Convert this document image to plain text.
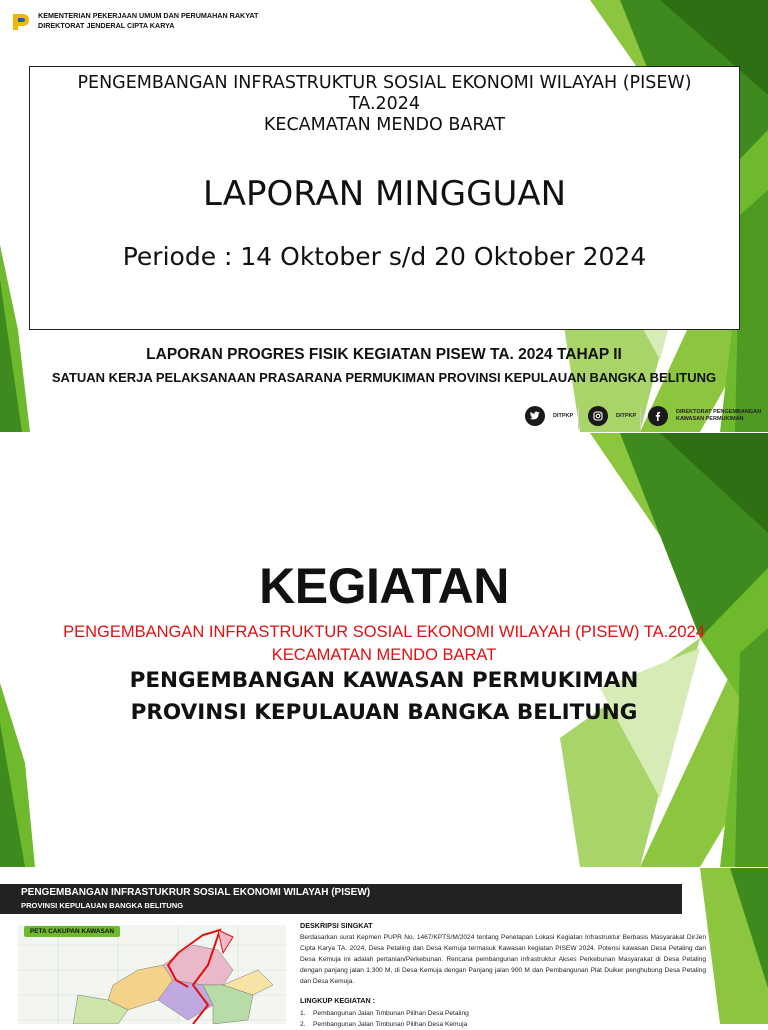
KEMENTERIAN PEKERJAAN UMUM DAN PERUMAHAN RAKYAT
DIREKTORAT JENDERAL CIPTA KARYA
PENGEMBANGAN INFRASTRUKTUR SOSIAL EKONOMI WILAYAH (PISEW)
TA.2024
KECAMATAN MENDO BARAT
LAPORAN MINGGUAN
Periode : 14 Oktober s/d 20 Oktober 2024
LAPORAN PROGRES FISIK KEGIATAN PISEW TA. 2024 TAHAP II
SATUAN KERJA PELAKSANAAN PRASARANA PERMUKIMAN PROVINSI KEPULAUAN BANGKA BELITUNG
DITPKP	DITPKP
DIREKTORAT PENGEMBANGAN
KAWASAN PERMUKIMAN
KEGIATAN
PENGEMBANGAN INFRASTRUKTUR SOSIAL EKONOMI WILAYAH (PISEW) TA.2024
KECAMATAN MENDO BARAT
PENGEMBANGAN KAWASAN PERMUKIMAN
PROVINSI KEPULAUAN BANGKA BELITUNG
PENGEMBANGAN INFRASTUKRUR SOSIAL EKONOMI WILAYAH (PISEW)
PROVINSI KEPULAUAN BANGKA BELITUNG
PETA CAKUPAN KAWASAN
DESKRIPSI SINGKAT
Berdasarkan surat Kepmen PUPR No. 1467/KPTS/M/2024 tentang Penetapan Lokasi Kegiatan Infrastruktur Berbasis Masyarakat DirJen Cipta Karya TA. 2024, Desa Petaling dan Desa Kemuja termasuk Kawasan kegiatan PISEW 2024. Potensi kawasan Desa Petaling dan Desa Kemuja ini adalah pertanian/Perkebunan. Rencana pembangunan infrastruktur Akses Perkebunan Masyarakat di Desa Petaling dengan panjang jalan 1.300 M, di Desa Kemuja dengan Panjang jalan 900 M dan Pembangunan Plat Duiker penghubung Desa Petaling dan Desa Kemuja.
LINGKUP KEGIATAN :
1. Pembangunan Jalan Timbunan Pilihan Desa Petaling
2. Pembangunan Jalan Timbunan Pilihan Desa Kemuja
